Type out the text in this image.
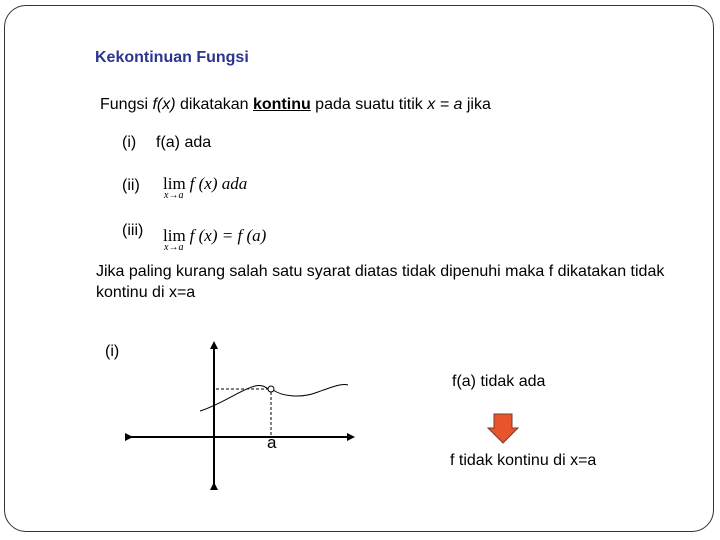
Kekontinuan Fungsi
Fungsi f(x) dikatakan kontinu pada suatu titik x = a jika
(i) f(a) ada
(ii) lim
x→a
f (x) ada
(iii) lim
x→a
f (x) = f (a)
Jika paling kurang salah satu syarat diatas tidak dipenuhi maka f dikatakan tidak kontinu di x=a
(i)
a
f(a) tidak ada
f tidak kontinu di x=a
